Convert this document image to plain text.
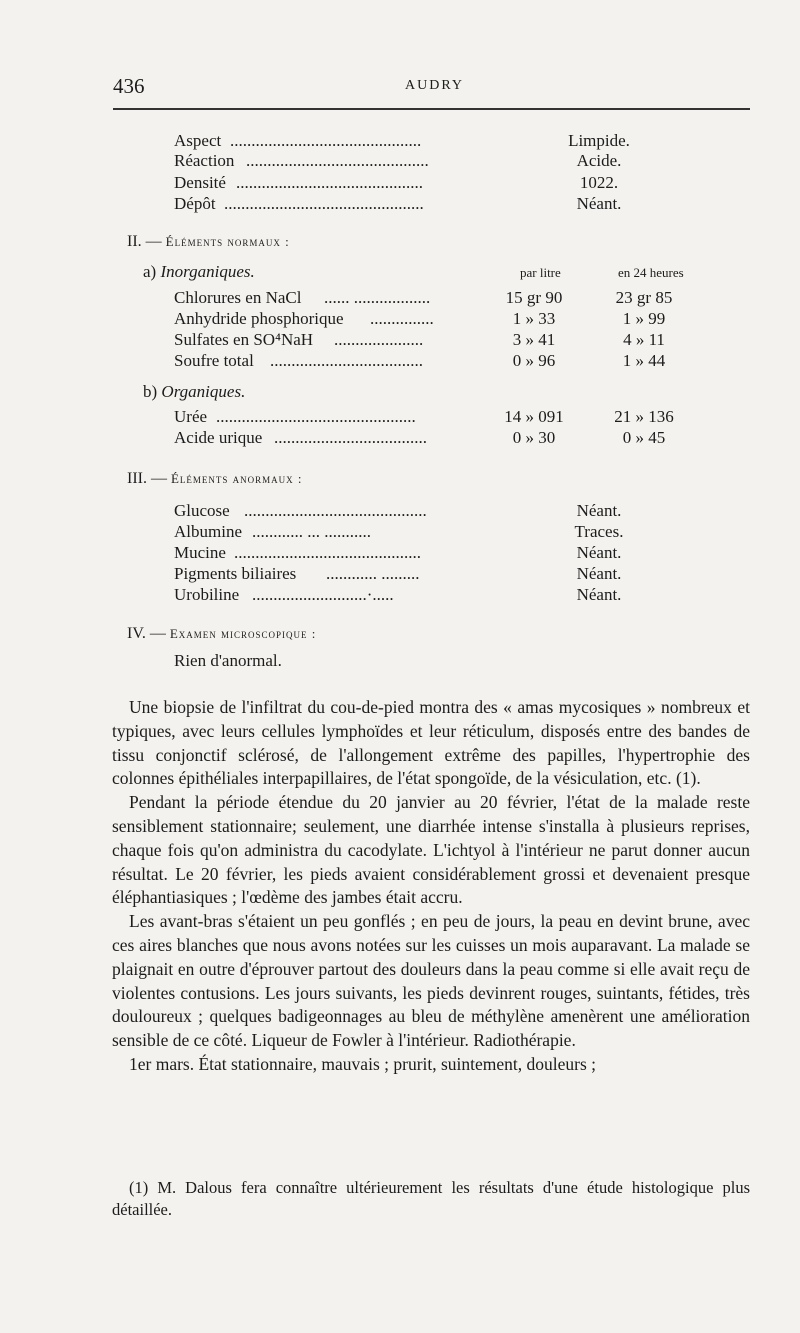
436	AUDRY
Aspect .............................................	Limpide.
Réaction ...........................................	Acide.
Densité ............................................	1022.
Dépôt ...............................................	Néant.
II. — Éléments normaux :
a) Inorganiques.	par litre	en 24 heures
Chlorures en NaCl ...... ..................	15 gr 90	23 gr 85
Anhydride phosphorique ...............	1 » 33	1 » 99
Sulfates en SO⁴NaH .....................	3 » 41	4 » 11
Soufre total ....................................	0 » 96	1 » 44
b) Organiques.
Urée ...............................................	14 » 091	21 » 136
Acide urique ....................................	0 » 30	0 » 45
III. — Éléments anormaux :
Glucose ...........................................	Néant.
Albumine ............ ... ...........	Traces.
Mucine ............................................	Néant.
Pigments biliaires ............ .........	Néant.
Urobiline ...........................·.....	Néant.
IV. — Examen microscopique :
Rien d'anormal.

Une biopsie de l'infiltrat du cou-de-pied montra des « amas mycosiques » nombreux et typiques, avec leurs cellules lymphoïdes et leur réticulum, disposés entre des bandes de tissu conjonctif sclérosé, de l'allongement extrême des papilles, l'hypertrophie des colonnes épithéliales interpapillaires, de l'état spongoïde, de la vésiculation, etc. (1).

Pendant la période étendue du 20 janvier au 20 février, l'état de la malade reste sensiblement stationnaire; seulement, une diarrhée intense s'installa à plusieurs reprises, chaque fois qu'on administra du cacodylate. L'ichtyol à l'intérieur ne parut donner aucun résultat. Le 20 février, les pieds avaient considérablement grossi et devenaient presque éléphantiasiques ; l'œdème des jambes était accru.

Les avant-bras s'étaient un peu gonflés ; en peu de jours, la peau en devint brune, avec ces aires blanches que nous avons notées sur les cuisses un mois auparavant. La malade se plaignait en outre d'éprouver partout des douleurs dans la peau comme si elle avait reçu de violentes contusions. Les jours suivants, les pieds devinrent rouges, suintants, fétides, très douloureux ; quelques badigeonnages au bleu de méthylène amenèrent une amélioration sensible de ce côté. Liqueur de Fowler à l'intérieur. Radiothérapie.

1er mars. État stationnaire, mauvais ; prurit, suintement, douleurs ;

(1) M. Dalous fera connaître ultérieurement les résultats d'une étude histologique plus détaillée.
